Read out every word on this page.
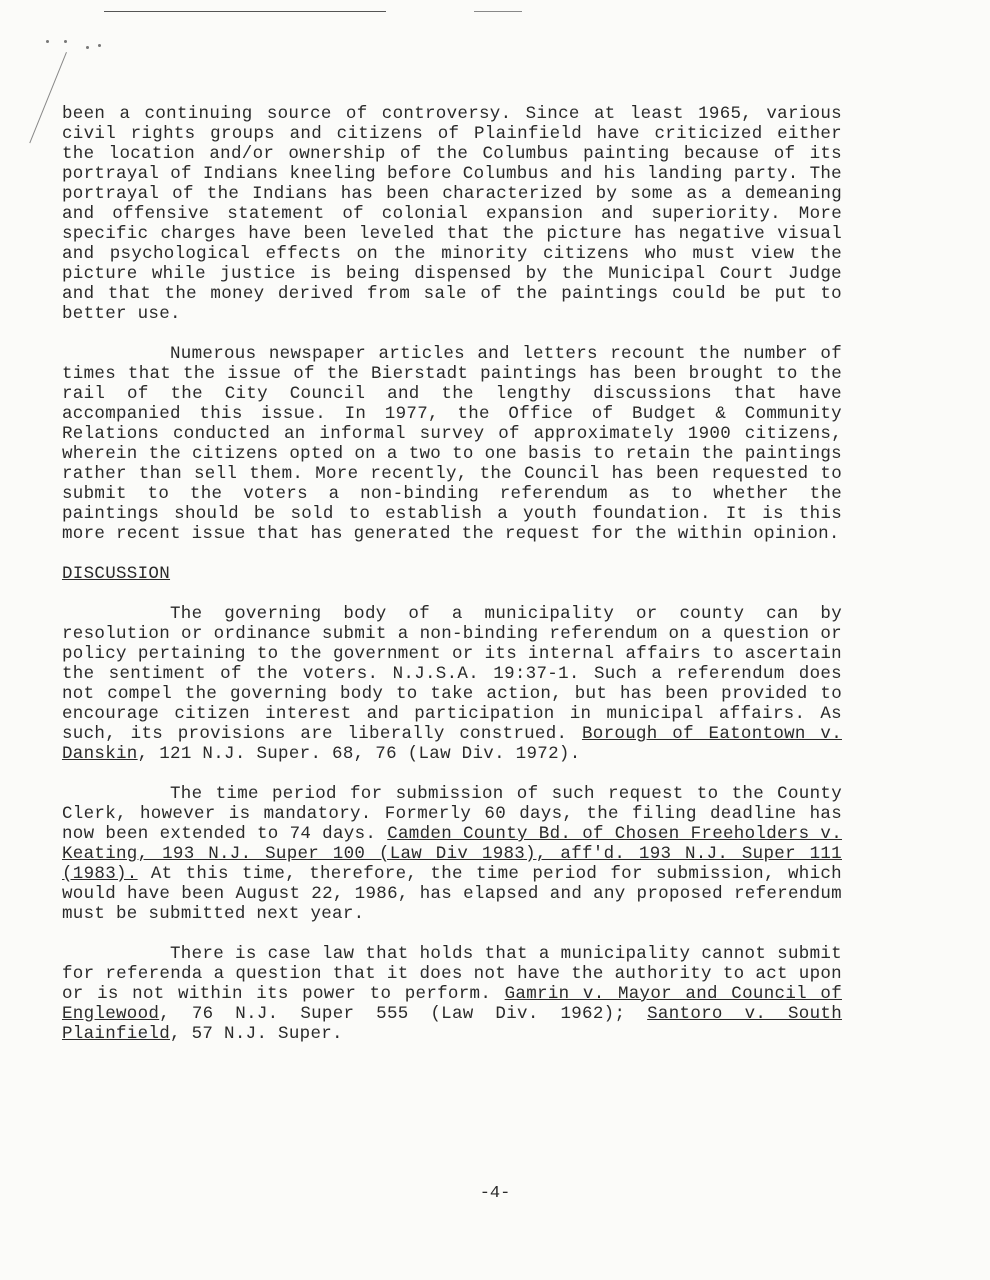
been a continuing source of controversy. Since at least 1965, various civil rights groups and citizens of Plainfield have criticized either the location and/or ownership of the Columbus painting because of its portrayal of Indians kneeling before Columbus and his landing party. The portrayal of the Indians has been characterized by some as a demeaning and offensive statement of colonial expansion and superiority. More specific charges have been leveled that the picture has negative visual and psychological effects on the minority citizens who must view the picture while justice is being dispensed by the Municipal Court Judge and that the money derived from sale of the paintings could be put to better use.

Numerous newspaper articles and letters recount the number of times that the issue of the Bierstadt paintings has been brought to the rail of the City Council and the lengthy discussions that have accompanied this issue. In 1977, the Office of Budget & Community Relations conducted an informal survey of approximately 1900 citizens, wherein the citizens opted on a two to one basis to retain the paintings rather than sell them. More recently, the Council has been requested to submit to the voters a non-binding referendum as to whether the paintings should be sold to establish a youth foundation. It is this more recent issue that has generated the request for the within opinion.

DISCUSSION

The governing body of a municipality or county can by resolution or ordinance submit a non-binding referendum on a question or policy pertaining to the government or its internal affairs to ascertain the sentiment of the voters. N.J.S.A. 19:37-1. Such a referendum does not compel the governing body to take action, but has been provided to encourage citizen interest and participation in municipal affairs. As such, its provisions are liberally construed. Borough of Eatontown v. Danskin, 121 N.J. Super. 68, 76 (Law Div. 1972).

The time period for submission of such request to the County Clerk, however is mandatory. Formerly 60 days, the filing deadline has now been extended to 74 days. Camden County Bd. of Chosen Freeholders v. Keating, 193 N.J. Super 100 (Law Div 1983), aff'd. 193 N.J. Super 111 (1983). At this time, therefore, the time period for submission, which would have been August 22, 1986, has elapsed and any proposed referendum must be submitted next year.

There is case law that holds that a municipality cannot submit for referenda a question that it does not have the authority to act upon or is not within its power to perform. Gamrin v. Mayor and Council of Englewood, 76 N.J. Super 555 (Law Div. 1962); Santoro v. South Plainfield, 57 N.J. Super.

-4-
